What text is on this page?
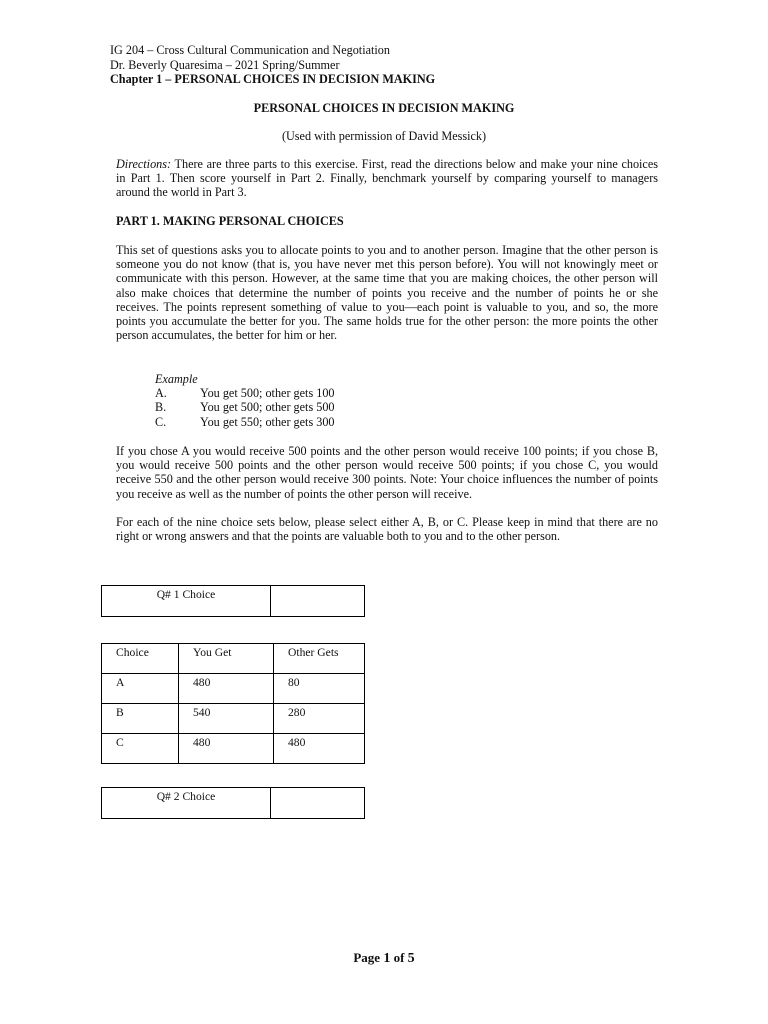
IG 204 – Cross Cultural Communication and Negotiation
Dr. Beverly Quaresima – 2021 Spring/Summer
Chapter 1 – PERSONAL CHOICES IN DECISION MAKING
PERSONAL CHOICES IN DECISION MAKING
(Used with permission of David Messick)
Directions: There are three parts to this exercise. First, read the directions below and make your nine choices in Part 1. Then score yourself in Part 2. Finally, benchmark yourself by comparing yourself to managers around the world in Part 3.
PART 1. MAKING PERSONAL CHOICES
This set of questions asks you to allocate points to you and to another person. Imagine that the other person is someone you do not know (that is, you have never met this person before). You will not knowingly meet or communicate with this person. However, at the same time that you are making choices, the other person will also make choices that determine the number of points you receive and the number of points he or she receives. The points represent something of value to you—each point is valuable to you, and so, the more points you accumulate the better for you. The same holds true for the other person: the more points the other person accumulates, the better for him or her.
Example
A.	You get 500; other gets 100
B.	You get 500; other gets 500
C.	You get 550; other gets 300
If you chose A you would receive 500 points and the other person would receive 100 points; if you chose B, you would receive 500 points and the other person would receive 500 points; if you chose C, you would receive 550 and the other person would receive 300 points. Note: Your choice influences the number of points you receive as well as the number of points the other person will receive.
For each of the nine choice sets below, please select either A, B, or C. Please keep in mind that there are no right or wrong answers and that the points are valuable both to you and to the other person.
Q# 1 Choice	
Choice	You Get	Other Gets
A	480	80
B	540	280
C	480	480
Q# 2 Choice	
Page 1 of 5
